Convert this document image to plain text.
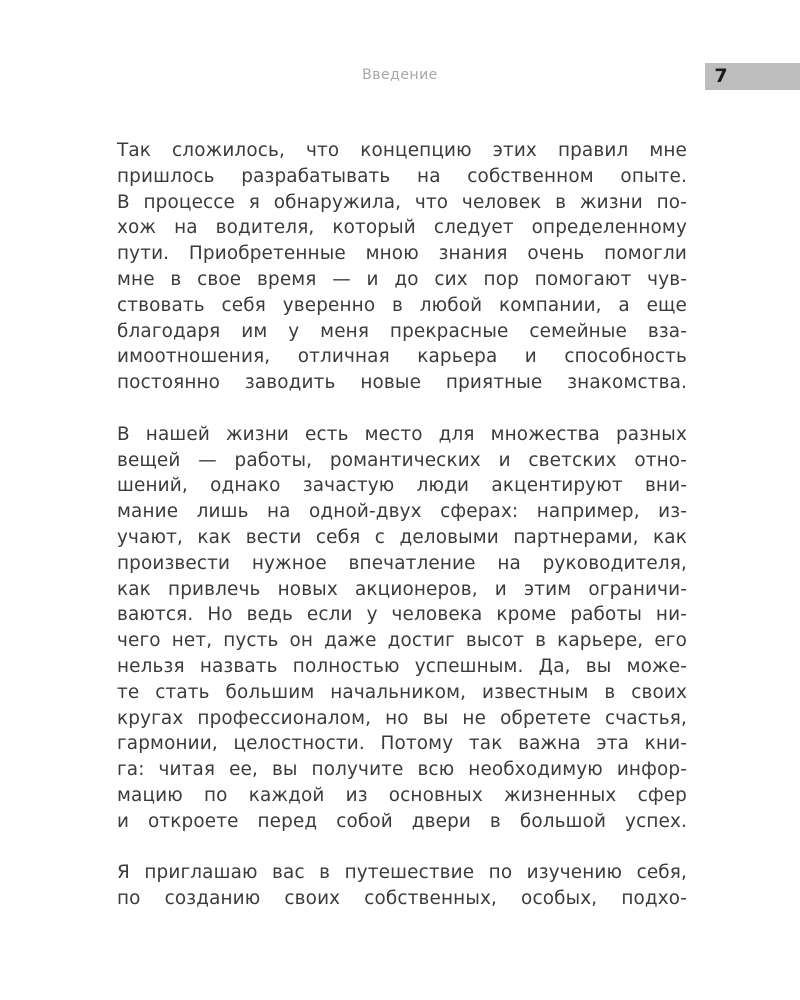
Введение	7
Так сложилось, что концепцию этих правил мне
пришлось разрабатывать на собственном опыте.
В процессе я обнаружила, что человек в жизни по-
хож на водителя, который следует определенному
пути. Приобретенные мною знания очень помогли
мне в свое время — и до сих пор помогают чув-
ствовать себя уверенно в любой компании, а еще
благодаря им у меня прекрасные семейные вза-
имоотношения, отличная карьера и способность
постоянно заводить новые приятные знакомства.
В нашей жизни есть место для множества разных
вещей — работы, романтических и светских отно-
шений, однако зачастую люди акцентируют вни-
мание лишь на одной-двух сферах: например, из-
учают, как вести себя с деловыми партнерами, как
произвести нужное впечатление на руководителя,
как привлечь новых акционеров, и этим ограничи-
ваются. Но ведь если у человека кроме работы ни-
чего нет, пусть он даже достиг высот в карьере, его
нельзя назвать полностью успешным. Да, вы може-
те стать большим начальником, известным в своих
кругах профессионалом, но вы не обретете счастья,
гармонии, целостности. Потому так важна эта кни-
га: читая ее, вы получите всю необходимую инфор-
мацию по каждой из основных жизненных сфер
и откроете перед собой двери в большой успех.
Я приглашаю вас в путешествие по изучению себя,
по созданию своих собственных, особых, подхо-
